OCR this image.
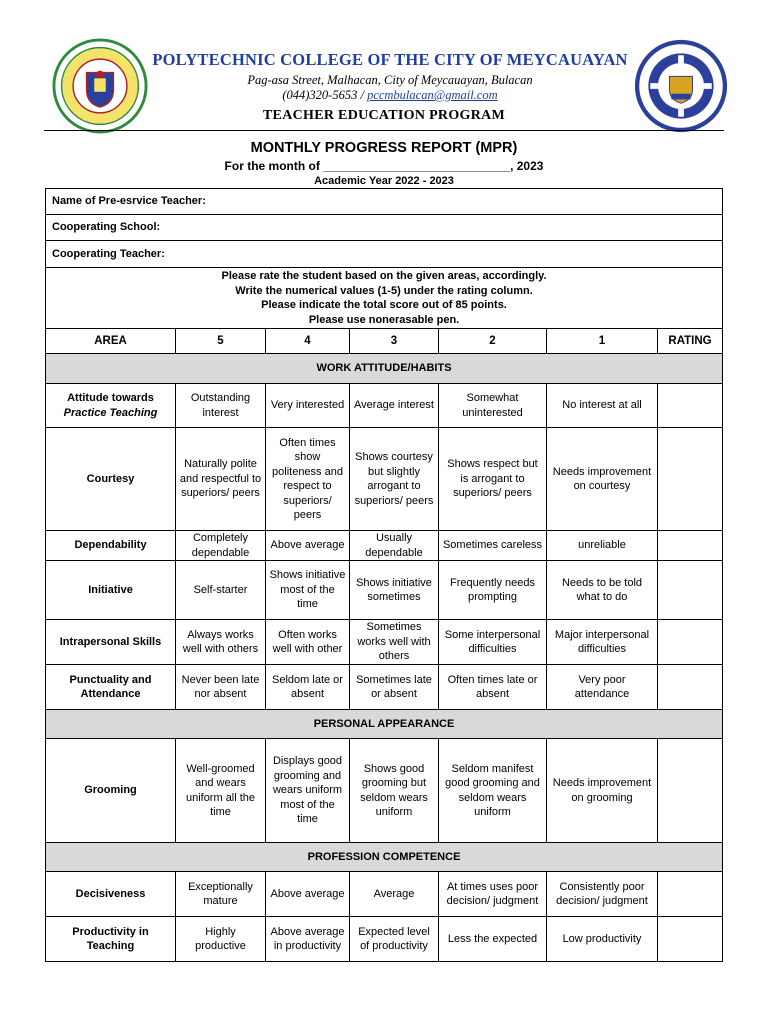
POLYTECHNIC COLLEGE OF THE CITY OF MEYCAUAYAN
Pag-asa Street, Malhacan, City of Meycauayan, Bulacan
(044)320-5653 / pccmbulacan@gmail.com
TEACHER EDUCATION PROGRAM
MONTHLY PROGRESS REPORT (MPR)
For the month of ____________________________, 2023
Academic Year 2022 - 2023
Name of Pre-esrvice Teacher:						
Cooperating School:						
Cooperating Teacher:						

Please rate the student based on the given areas, accordingly.
Write the numerical values (1-5) under the rating column.
Please indicate the total score out of 85 points.
Please use nonerasable pen.						

AREA	5	4	3	2	1	RATING
WORK ATTITUDE/HABITS						
Attitude towards Practice Teaching	Outstanding interest	Very interested	Average interest	Somewhat uninterested	No interest at all	
Courtesy	Naturally polite and respectful to superiors/ peers	Often times show politeness and respect to superiors/ peers	Shows courtesy but slightly arrogant to superiors/ peers	Shows respect but is arrogant to superiors/ peers	Needs improvement on courtesy	
Dependability	Completely dependable	Above average	Usually dependable	Sometimes careless	unreliable	
Initiative	Self-starter	Shows initiative most of the time	Shows initiative sometimes	Frequently needs prompting	Needs to be told what to do	
Intrapersonal Skills	Always works well with others	Often works well with other	Sometimes works well with others	Some interpersonal difficulties	Major interpersonal difficulties	
Punctuality and Attendance	Never been late nor absent	Seldom late or absent	Sometimes late or absent	Often times late or absent	Very poor attendance	
PERSONAL APPEARANCE						
Grooming	Well-groomed and wears uniform all the time	Displays good grooming and wears uniform most of the time	Shows good grooming but seldom wears uniform	Seldom manifest good grooming and seldom wears uniform	Needs improvement on grooming	
PROFESSION COMPETENCE						
Decisiveness	Exceptionally mature	Above average	Average	At times uses poor decision/ judgment	Consistently poor decision/ judgment	
Productivity in Teaching	Highly productive	Above average in productivity	Expected level of productivity	Less the expected	Low productivity	
